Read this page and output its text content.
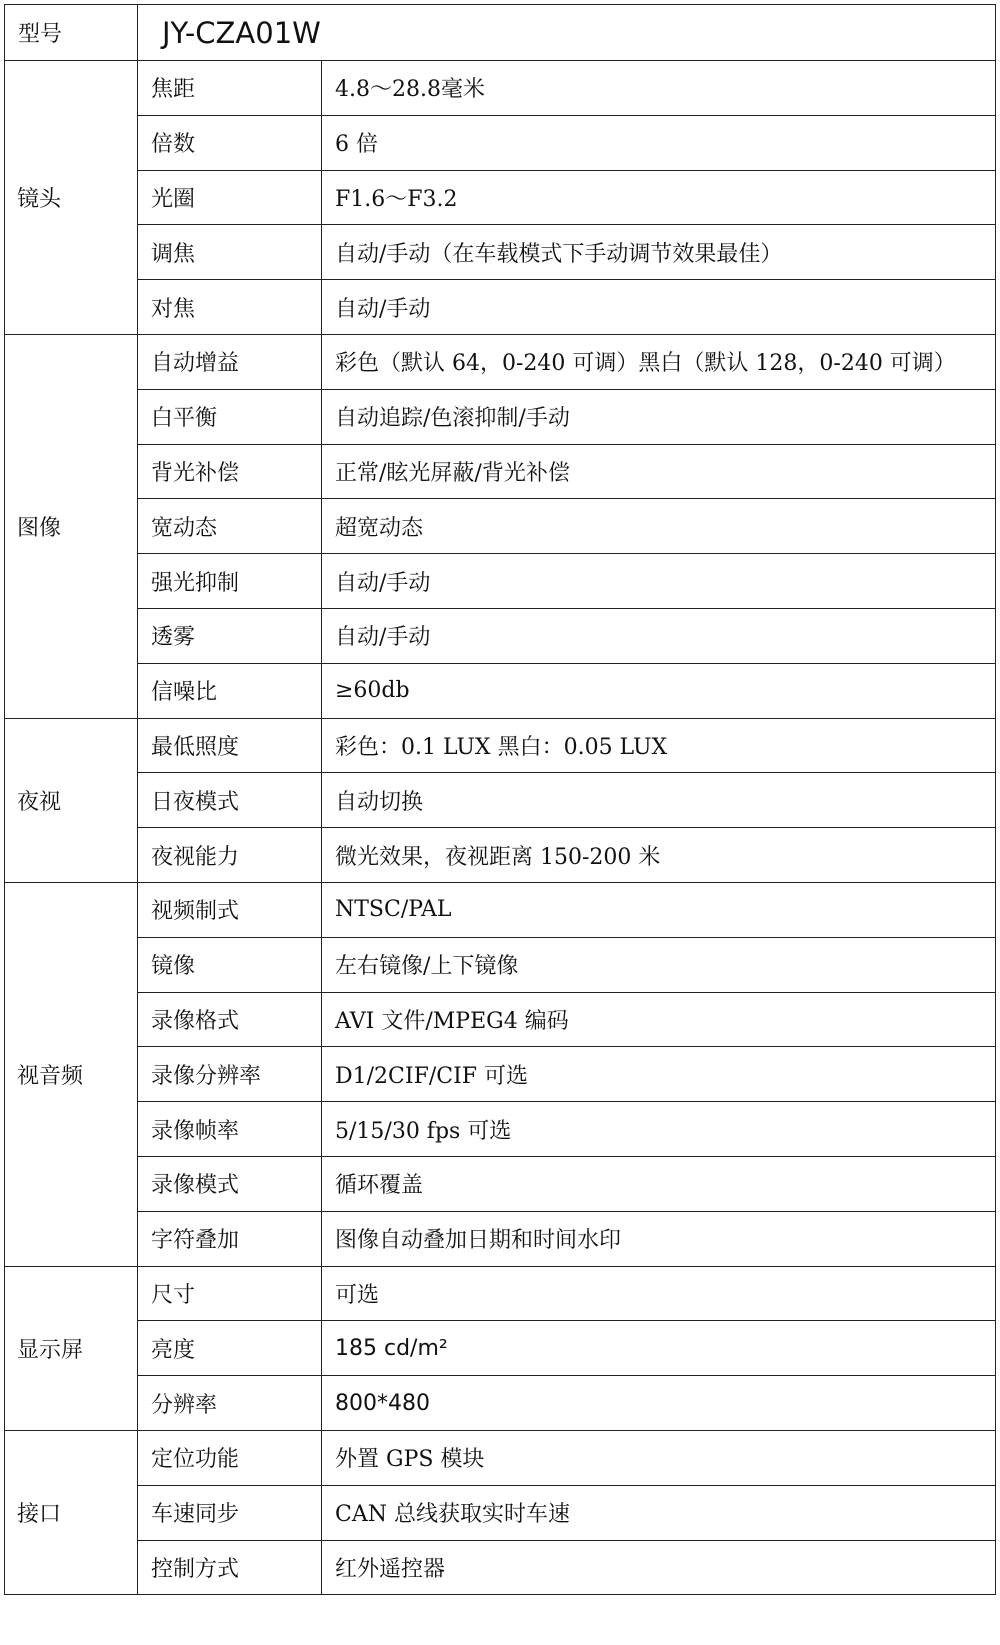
型号	JY-CZA01W	
镜头	焦距	4.8～28.8毫米
	倍数	6 倍
	光圈	F1.6～F3.2
	调焦	自动/手动（在车载模式下手动调节效果最佳）
	对焦	自动/手动
图像	自动增益	彩色（默认 64，0-240 可调）黑白（默认 128，0-240 可调）
	白平衡	自动追踪/色滚抑制/手动
	背光补偿	正常/眩光屏蔽/背光补偿
	宽动态	超宽动态
	强光抑制	自动/手动
	透雾	自动/手动
	信噪比	≥60db
夜视	最低照度	彩色：0.1 LUX 黑白：0.05 LUX
	日夜模式	自动切换
	夜视能力	微光效果，夜视距离 150-200 米
视音频	视频制式	NTSC/PAL
	镜像	左右镜像/上下镜像
	录像格式	AVI 文件/MPEG4 编码
	录像分辨率	D1/2CIF/CIF 可选
	录像帧率	5/15/30 fps 可选
	录像模式	循环覆盖
	字符叠加	图像自动叠加日期和时间水印
显示屏	尺寸	可选
	亮度	185 cd/m²
	分辨率	800*480
接口	定位功能	外置 GPS 模块
	车速同步	CAN 总线获取实时车速
	控制方式	红外遥控器
